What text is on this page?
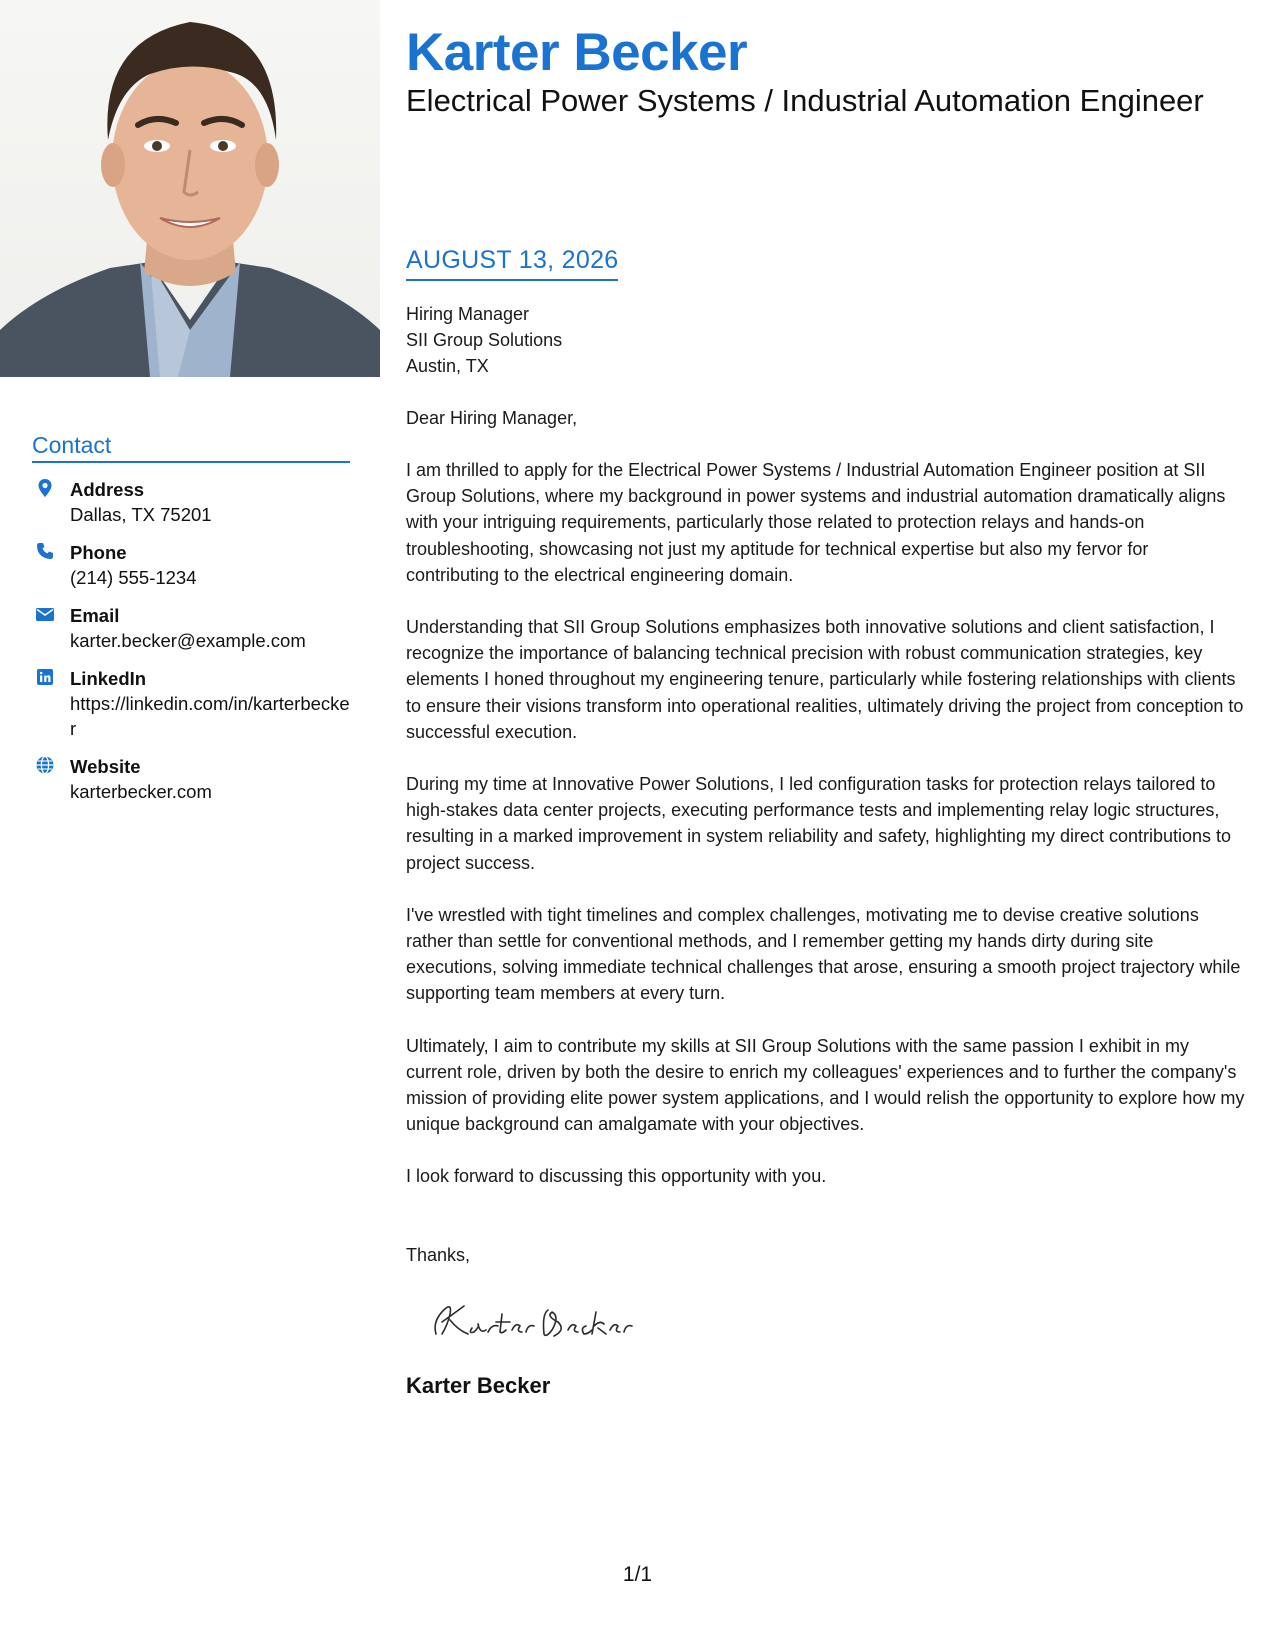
Karter Becker
Electrical Power Systems / Industrial Automation Engineer
Contact
Address
Dallas, TX 75201
Phone
(214) 555-1234
Email
karter.becker@example.com
LinkedIn
https://linkedin.com/in/karterbecker
Website
karterbecker.com
AUGUST 13, 2026
Hiring Manager
SII Group Solutions
Austin, TX
Dear Hiring Manager,
I am thrilled to apply for the Electrical Power Systems / Industrial Automation Engineer position at SII Group Solutions, where my background in power systems and industrial automation dramatically aligns with your intriguing requirements, particularly those related to protection relays and hands-on troubleshooting, showcasing not just my aptitude for technical expertise but also my fervor for contributing to the electrical engineering domain.
Understanding that SII Group Solutions emphasizes both innovative solutions and client satisfaction, I recognize the importance of balancing technical precision with robust communication strategies, key elements I honed throughout my engineering tenure, particularly while fostering relationships with clients to ensure their visions transform into operational realities, ultimately driving the project from conception to successful execution.
During my time at Innovative Power Solutions, I led configuration tasks for protection relays tailored to high-stakes data center projects, executing performance tests and implementing relay logic structures, resulting in a marked improvement in system reliability and safety, highlighting my direct contributions to project success.
I've wrestled with tight timelines and complex challenges, motivating me to devise creative solutions rather than settle for conventional methods, and I remember getting my hands dirty during site executions, solving immediate technical challenges that arose, ensuring a smooth project trajectory while supporting team members at every turn.
Ultimately, I aim to contribute my skills at SII Group Solutions with the same passion I exhibit in my current role, driven by both the desire to enrich my colleagues' experiences and to further the company's mission of providing elite power system applications, and I would relish the opportunity to explore how my unique background can amalgamate with your objectives.
I look forward to discussing this opportunity with you.
Thanks,
Karter Becker
1/1
